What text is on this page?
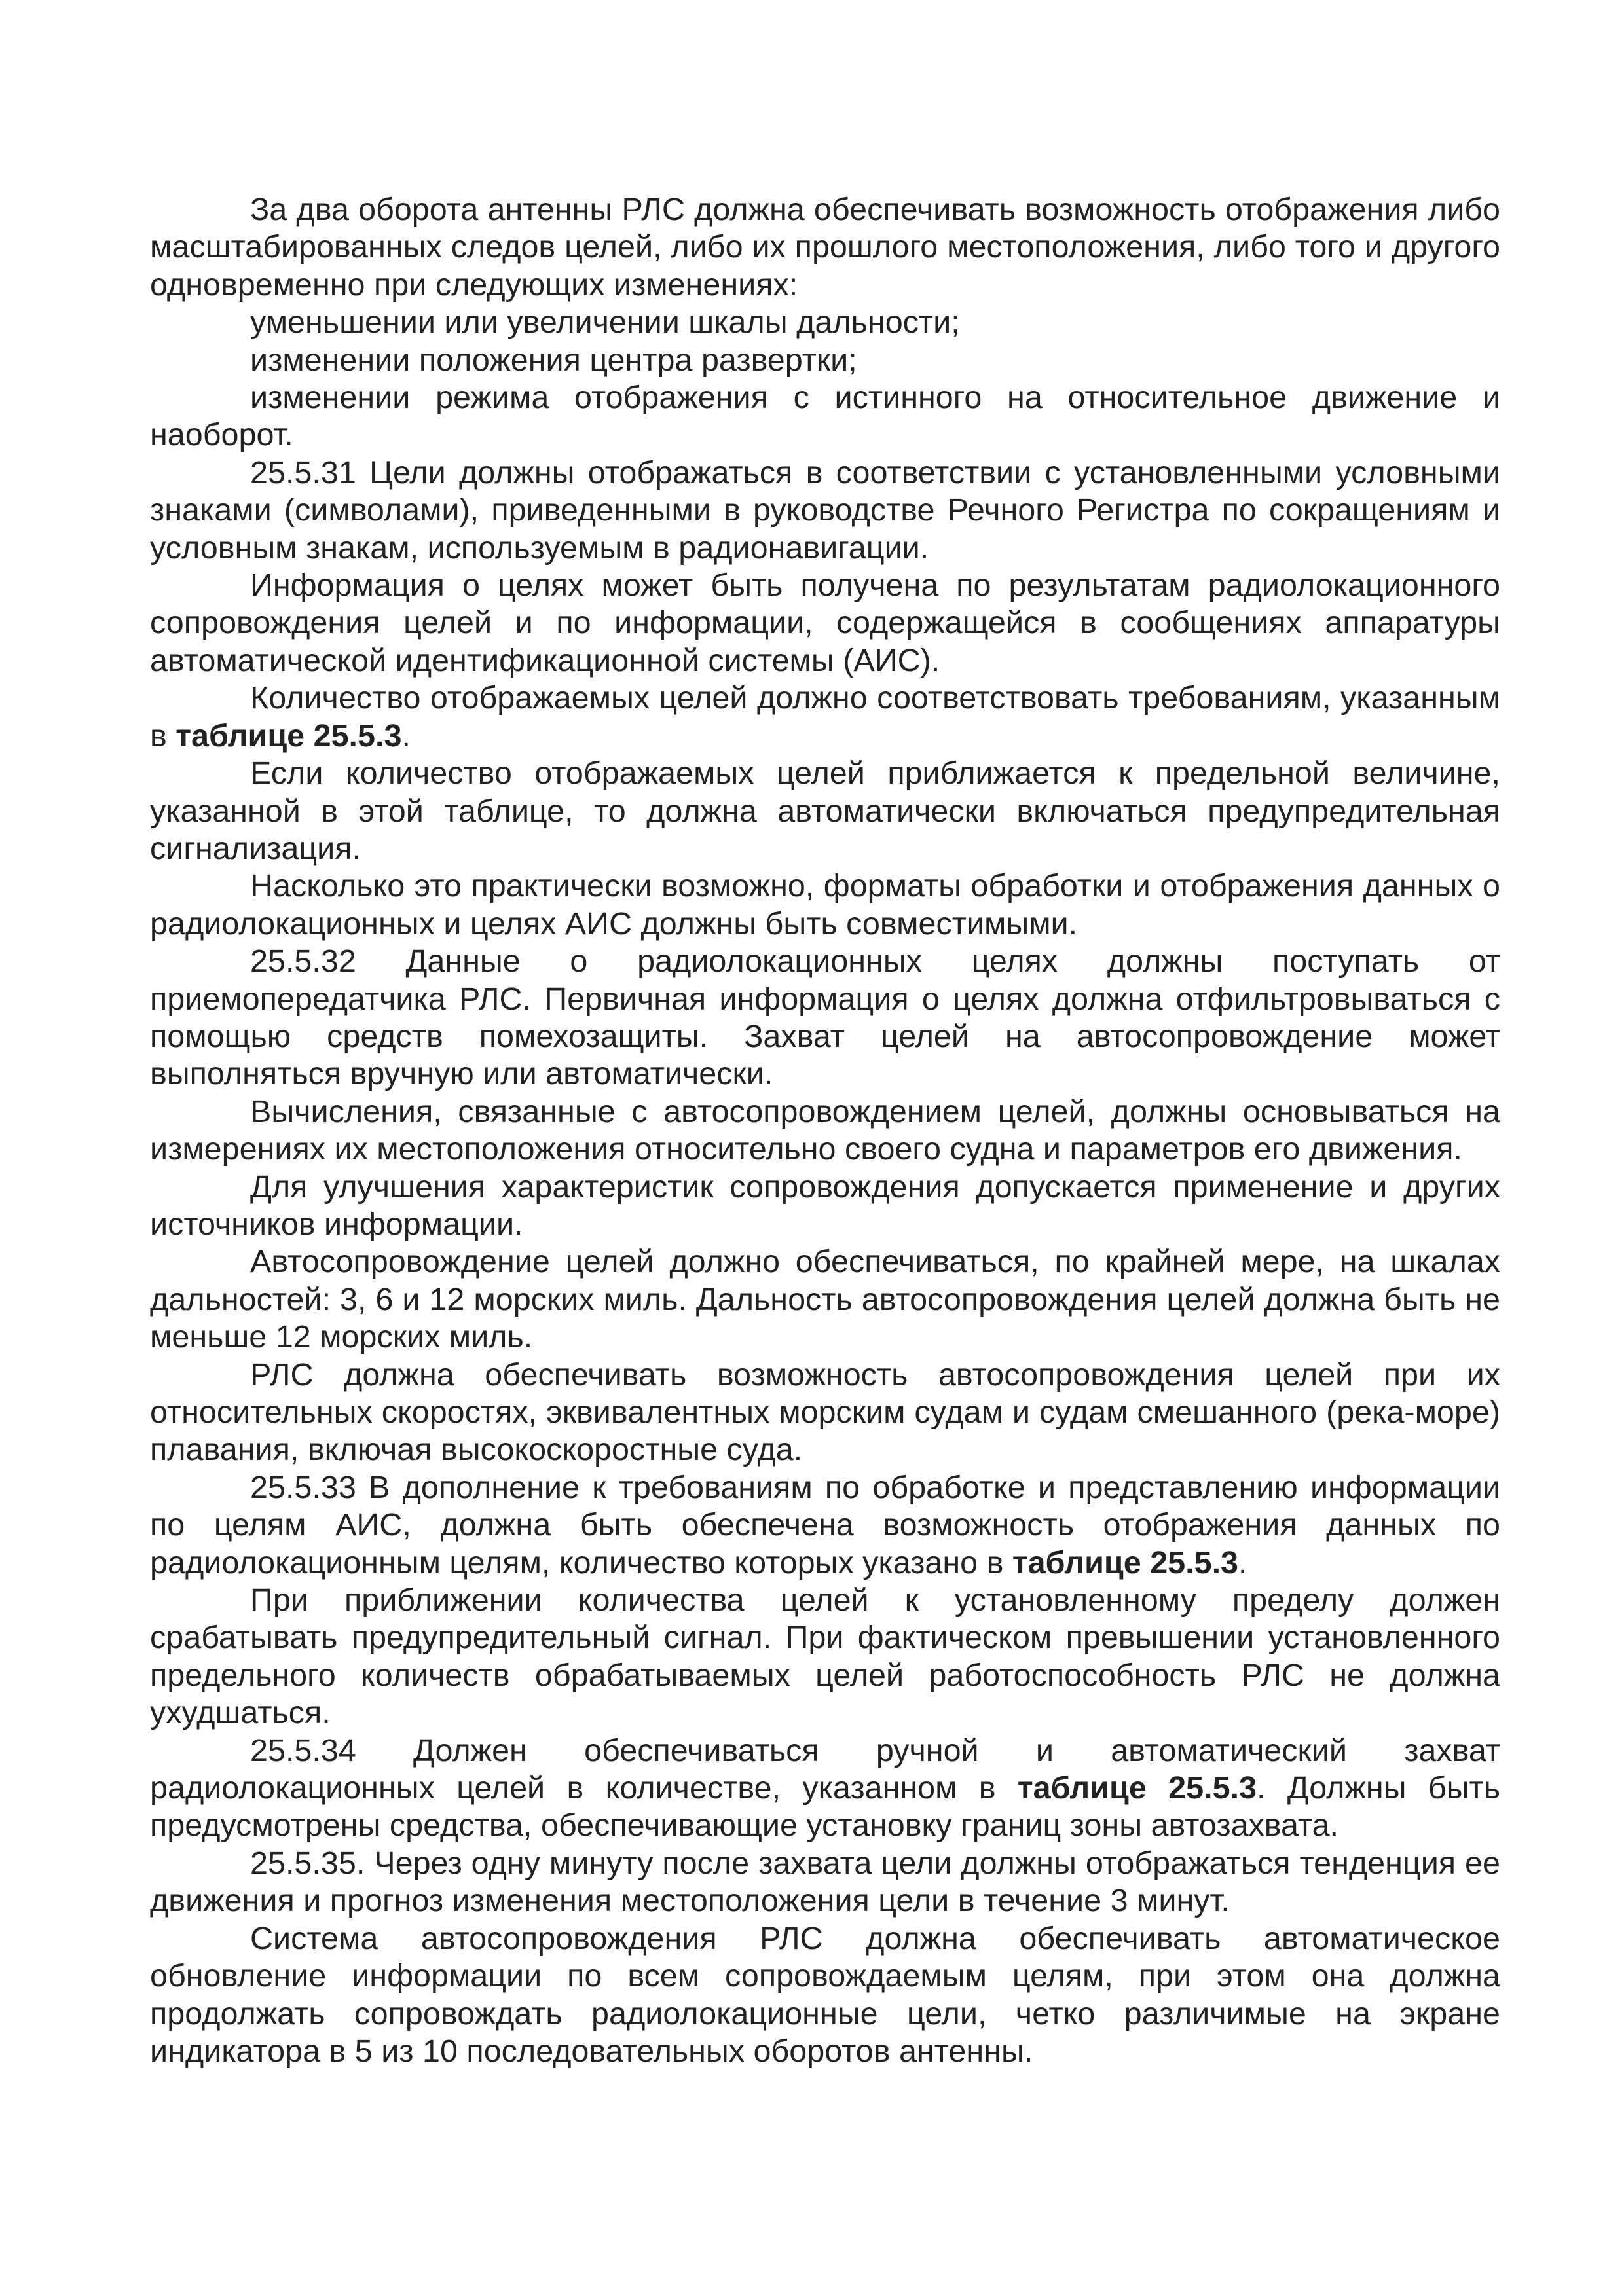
За два оборота антенны РЛС должна обеспечивать возможность отображения либо масштабированных следов целей, либо их прошлого местоположения, либо того и другого одновременно при следующих изменениях:

уменьшении или увеличении шкалы дальности;

изменении положения центра развертки;

изменении режима отображения с истинного на относительное движение и наоборот.

25.5.31 Цели должны отображаться в соответствии с установленными условными знаками (символами), приведенными в руководстве Речного Регистра по сокращениям и условным знакам, используемым в радионавигации.

Информация о целях может быть получена по результатам радиолокационного сопровождения целей и по информации, содержащейся в сообщениях аппаратуры автоматической идентификационной системы (АИС).

Количество отображаемых целей должно соответствовать требованиям, указанным в таблице 25.5.3.

Если количество отображаемых целей приближается к предельной величине, указанной в этой таблице, то должна автоматически включаться предупредительная сигнализация.

Насколько это практически возможно, форматы обработки и отображения данных о радиолокационных и целях АИС должны быть совместимыми.

25.5.32 Данные о радиолокационных целях должны поступать от приемопередатчика РЛС. Первичная информация о целях должна отфильтровываться с помощью средств помехозащиты. Захват целей на автосопровождение может выполняться вручную или автоматически.

Вычисления, связанные с автосопровождением целей, должны основываться на измерениях их местоположения относительно своего судна и параметров его движения.

Для улучшения характеристик сопровождения допускается применение и других источников информации.

Автосопровождение целей должно обеспечиваться, по крайней мере, на шкалах дальностей: 3, 6 и 12 морских миль. Дальность автосопровождения целей должна быть не меньше 12 морских миль.

РЛС должна обеспечивать возможность автосопровождения целей при их относительных скоростях, эквивалентных морским судам и судам смешанного (река-море) плавания, включая высокоскоростные суда.

25.5.33 В дополнение к требованиям по обработке и представлению информации по целям АИС, должна быть обеспечена возможность отображения данных по радиолокационным целям, количество которых указано в таблице 25.5.3.

При приближении количества целей к установленному пределу должен срабатывать предупредительный сигнал. При фактическом превышении установленного предельного количеств обрабатываемых целей работоспособность РЛС не должна ухудшаться.

25.5.34 Должен обеспечиваться ручной и автоматический захват радиолокационных целей в количестве, указанном в таблице 25.5.3. Должны быть предусмотрены средства, обеспечивающие установку границ зоны автозахвата.

25.5.35. Через одну минуту после захвата цели должны отображаться тенденция ее движения и прогноз изменения местоположения цели в течение 3 минут.

Система автосопровождения РЛС должна обеспечивать автоматическое обновление информации по всем сопровождаемым целям, при этом она должна продолжать сопровождать радиолокационные цели, четко различимые на экране индикатора в 5 из 10 последовательных оборотов антенны.
